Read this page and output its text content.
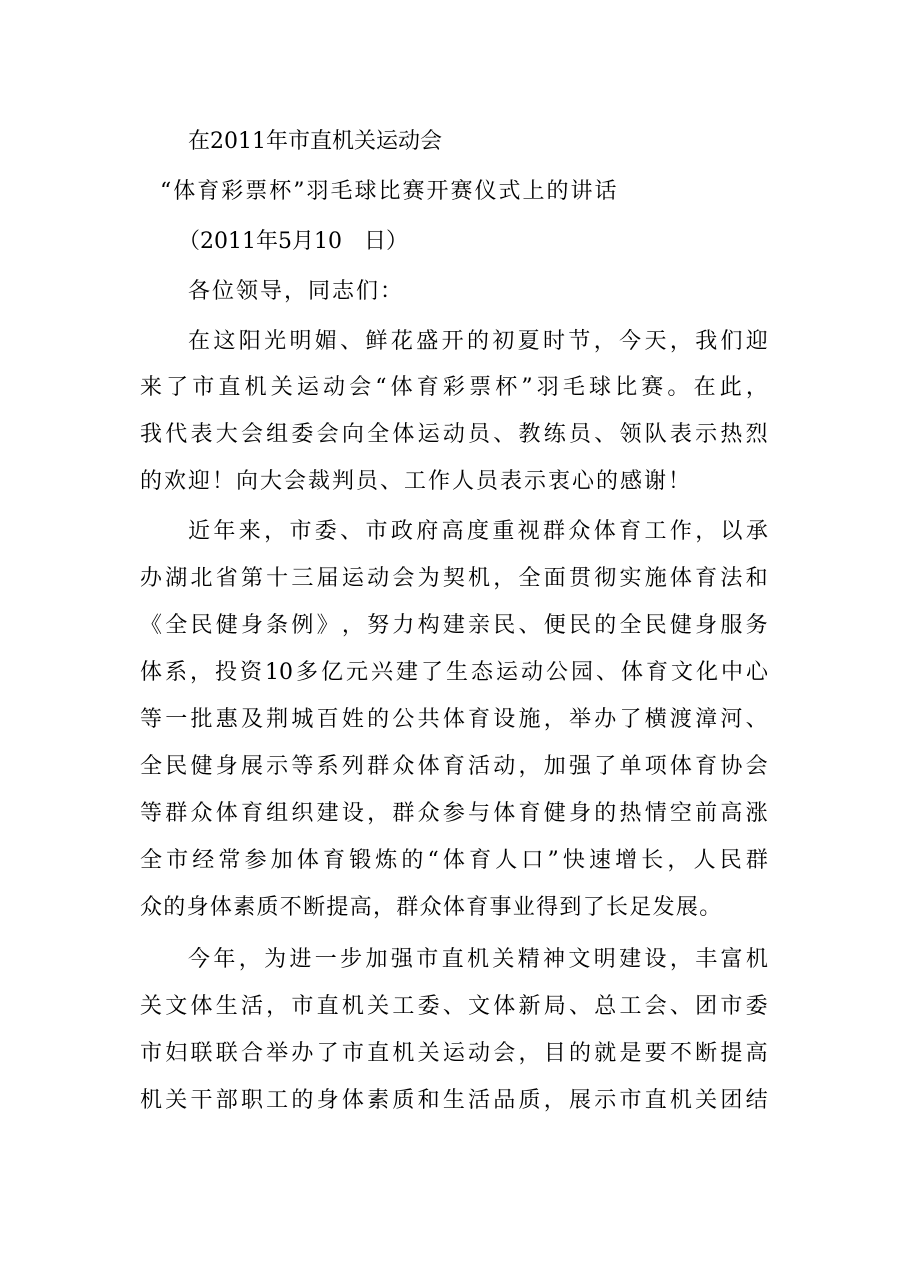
在2011年市直机关运动会
“体育彩票杯”羽毛球比赛开赛仪式上的讲话
（2011年5月10　日）
各位领导，同志们：
在 这 阳 光 明 媚 、 鲜 花 盛 开 的 初 夏 时 节 ， 今 天 ， 我 们 迎
来 了 市 直 机 关 运 动 会 “ 体 育 彩 票 杯 ” 羽 毛 球 比 赛 。 在 此 ，
我 代 表 大 会 组 委 会 向 全 体 运 动 员 、 教 练 员 、 领 队 表 示 热 烈
的欢迎！向大会裁判员、工作人员表示衷心的感谢！
近 年 来 ， 市 委 、 市 政 府 高 度 重 视 群 众 体 育 工 作 ， 以 承
办 湖 北 省 第 十 三 届 运 动 会 为 契 机 ， 全 面 贯 彻 实 施 体 育 法 和
《 全 民 健 身 条 例 》 ， 努 力 构 建 亲 民 、 便 民 的 全 民 健 身 服 务
体 系 ， 投 资 10 多 亿 元 兴 建 了 生 态 运 动 公 园 、 体 育 文 化 中 心
等 一 批 惠 及 荆 城 百 姓 的 公 共 体 育 设 施 ， 举 办 了 横 渡 漳 河 、
全 民 健 身 展 示 等 系 列 群 众 体 育 活 动 ， 加 强 了 单 项 体 育 协 会
等 群 众 体 育 组 织 建 设 ， 群 众 参 与 体 育 健 身 的 热 情 空 前 高 涨
全 市 经 常 参 加 体 育 锻 炼 的 “ 体 育 人 口 ” 快 速 增 长 ， 人 民 群
众的身体素质不断提高，群众体育事业得到了长足发展。
今 年 ， 为 进 一 步 加 强 市 直 机 关 精 神 文 明 建 设 ， 丰 富 机
关 文 体 生 活 ， 市 直 机 关 工 委 、 文 体 新 局 、 总 工 会 、 团 市 委
市 妇 联 联 合 举 办 了 市 直 机 关 运 动 会 ， 目 的 就 是 要 不 断 提 高
机 关 干 部 职 工 的 身 体 素 质 和 生 活 品 质 ， 展 示 市 直 机 关 团 结
